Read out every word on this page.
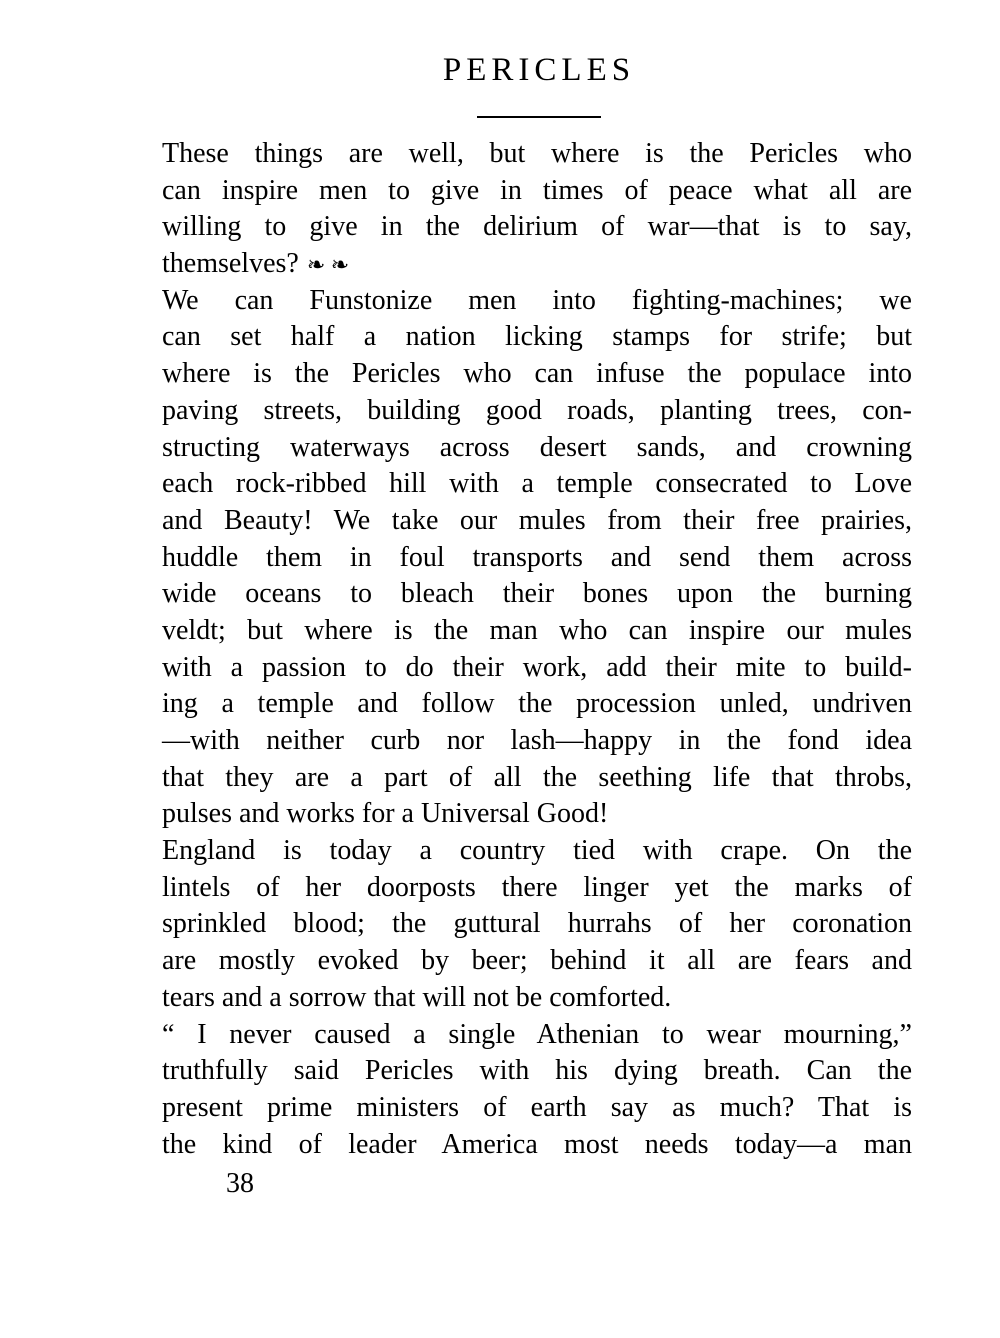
PERICLES
These things are well, but where is the Pericles who
can inspire men to give in times of peace what all are
willing to give in the delirium of war—that is to say,
themselves? ❧ ❧
We can Funstonize men into fighting-machines; we
can set half a nation licking stamps for strife; but
where is the Pericles who can infuse the populace into
paving streets, building good roads, planting trees, con-
structing waterways across desert sands, and crowning
each rock-ribbed hill with a temple consecrated to Love
and Beauty! We take our mules from their free prairies,
huddle them in foul transports and send them across
wide oceans to bleach their bones upon the burning
veldt; but where is the man who can inspire our mules
with a passion to do their work, add their mite to build-
ing a temple and follow the procession unled, undriven
—with neither curb nor lash—happy in the fond idea
that they are a part of all the seething life that throbs,
pulses and works for a Universal Good!
England is today a country tied with crape. On the
lintels of her doorposts there linger yet the marks of
sprinkled blood; the guttural hurrahs of her coronation
are mostly evoked by beer; behind it all are fears and
tears and a sorrow that will not be comforted.
“ I never caused a single Athenian to wear mourning,”
truthfully said Pericles with his dying breath. Can the
present prime ministers of earth say as much? That is
the kind of leader America most needs today—a man
38
